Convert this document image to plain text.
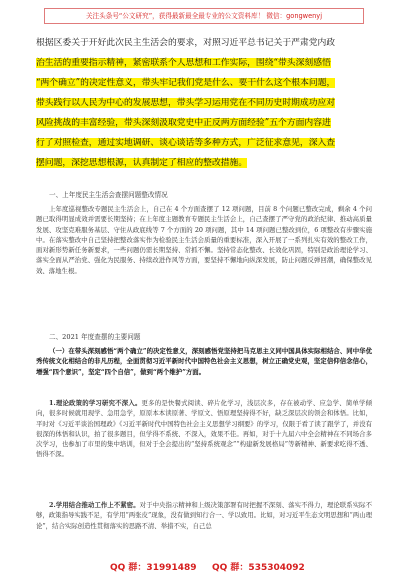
关注头条号“公文研究”，获得最新最全最专业的公文资料库！ 微信：gongwenyj

根据区委关于开好此次民主生活会的要求，对照习近平总书记关于严肃党内政

治生活的重要指示精神，紧密联系个人思想和工作实际，围绕“带头深刻感悟

“两个确立”的决定性意义，带头牢记我们党是什么、要干什么这个根本问题，

带头践行以人民为中心的发展思想，带头学习运用党在不同历史时期成功应对

风险挑战的丰富经验，带头深刻汲取党史中正反两方面经验”五个方面内容进

行了对照检查，通过实地调研、谈心谈话等多种方式，广泛征求意见，深入查

摆问题，深挖思想根源，认真制定了相应的整改措施。

一、上年度民主生活会查摆问题整改情况

上年度巡视整改专题民主生活会上，自己在 4 个方面查摆了 12 项问题，目前 8 个问题已整改完成，剩余 4 个问题已取得明显成效并需要长期坚持；在上年度主题教育专题民主生活会上，自己查摆了严守党的政治纪律、推动高质量发展、攻坚克难服务基层、守住从政底线等 7 个方面的 20 项问题，其中 14 项问题已整改到位，6 项整改有步骤实施中。在落实整改中自己坚持把整改落实作为检验民主生活会质量的重要标准，深入开展了一系列扎实有效的整改工作，面对新形势新任务新要求，一些问题仍需长期坚持、常抓不懈。坚持常态化整改、长效化巩固，特别是政治理论学习、落实全面从严治党、强化为民服务、持续改进作风等方面，要坚持不懈地向纵深发展，防止问题反弹回潮，确保整改见效、落地生根。

二、2021 年度查摆的主要问题

（一）在带头深刻感悟“两个确立”的决定性意义，深刻感悟党坚持把马克思主义同中国具体实际相结合、同中华优秀传统文化相结合的非凡历程，全面贯彻习近平新时代中国特色社会主义思想，树立正确党史观，坚定信仰信念信心，增强“四个意识”，坚定“四个自信”，做到“两个维护”方面。

1.理论政策的学习研究不深入。更多的是快餐式阅读、碎片化学习，浅层次多，存在被动学、应急学、简单学倾向，很多时候就用现学、急用急学，原原本本读原著、学原文、悟原理坚持得不好，缺乏深层次的领会和体悟。比如，平时对《习近平谈治国理政》《习近平新时代中国特色社会主义思想学习纲要》的学习，仅限于看了读了跟学了，并没有很深的体悟和认识，拍了很多题目，但学得不系统、不深入，效果不佳。再如，对于十九届六中全会精神在不同场合多次学习，也参加了市里的集中培训，但对于全会提出的“坚持系统观念”“构建新发展格局”等新精神、新要求吃得不透、悟得不深。

2.学用结合推动工作上不紧密。对于中央指示精神和上级决策部署有时把握不深刻、落实不得力，理论联系实际不够，政策指导实践不足，有学用“两张皮”现象，没有做到知行合一、学以致用。比如，对习近平生态文明思想和“两山理论”，结合实际创造性贯彻落实的思路不清、举措不实，自己总

QQ 群：31991489 QQ 群：535304092
